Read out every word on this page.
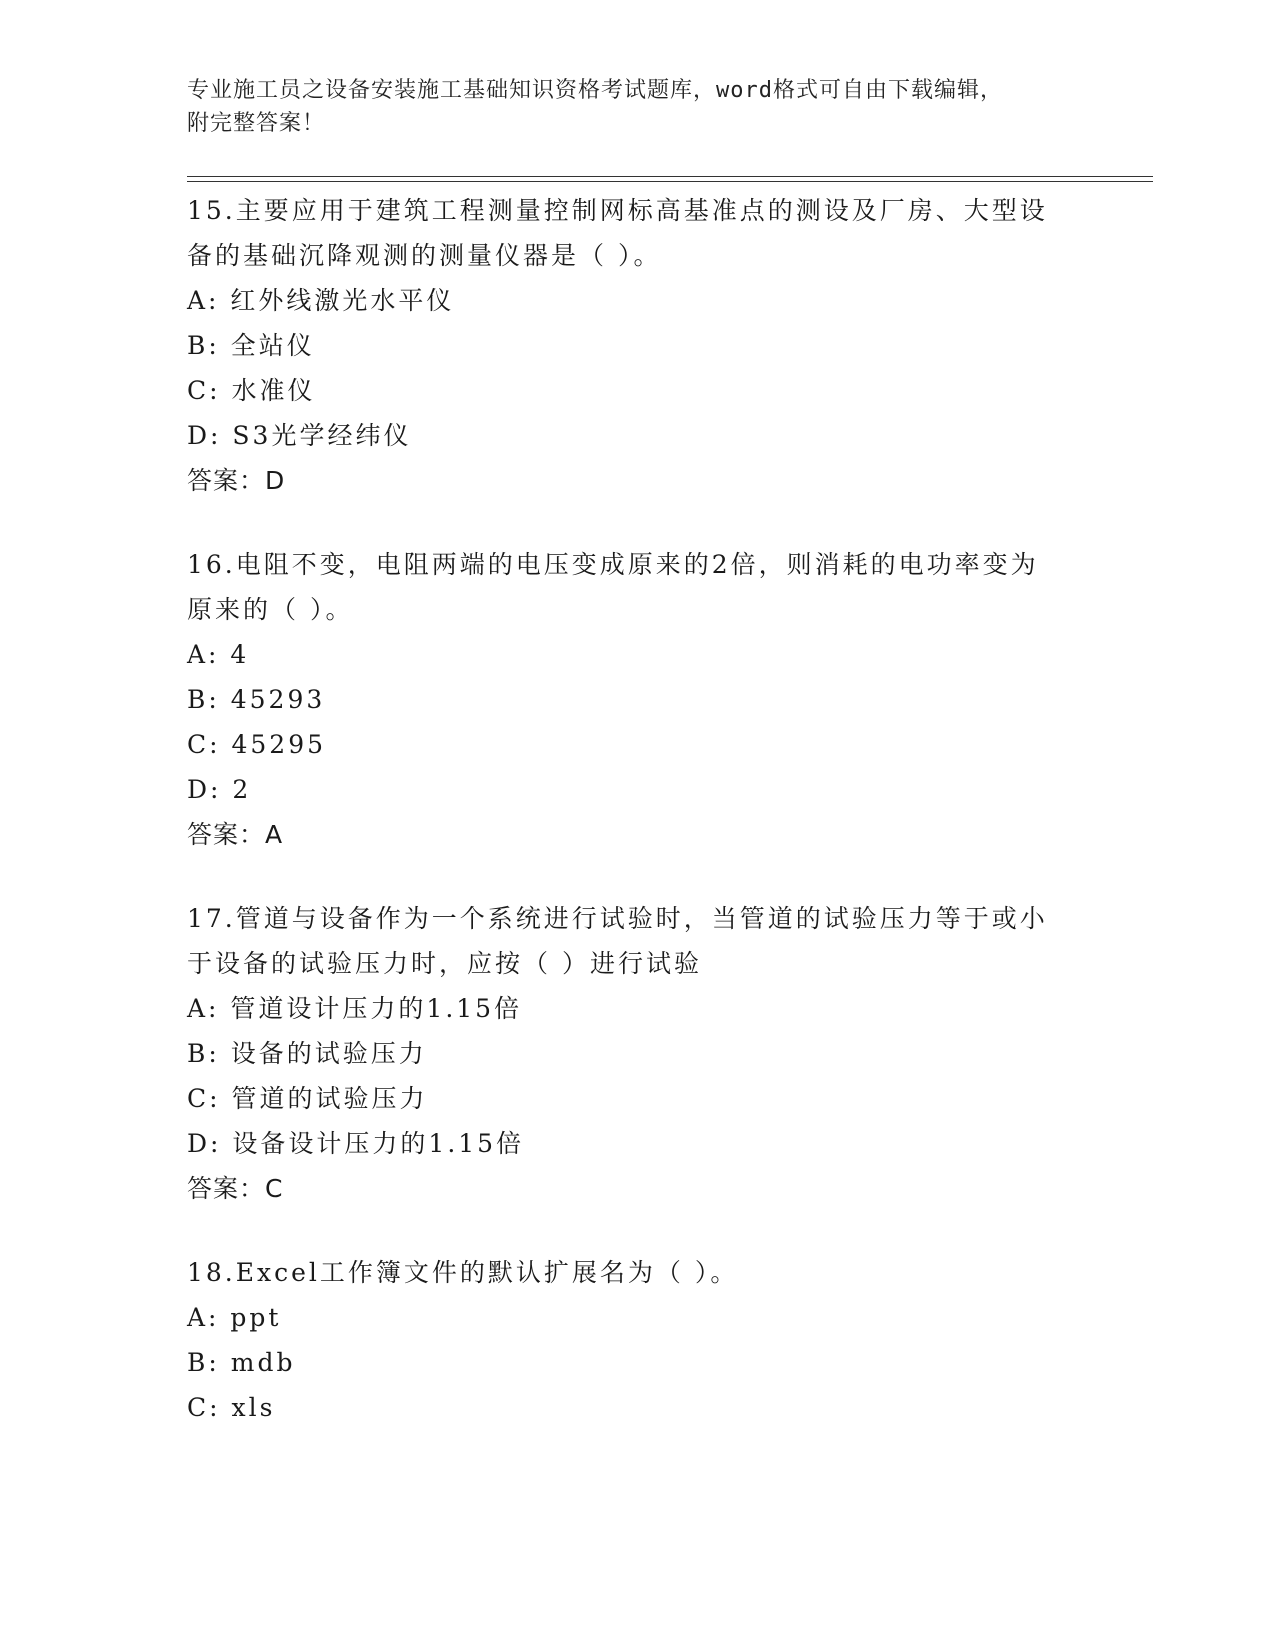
专业施工员之设备安装施工基础知识资格考试题库，word格式可自由下载编辑，
附完整答案！

15.主要应用于建筑工程测量控制网标高基准点的测设及厂房、大型设
备的基础沉降观测的测量仪器是（ ）。

A: 红外线激光水平仪
B: 全站仪
C: 水准仪
D: S3光学经纬仪
答案：D

16.电阻不变，电阻两端的电压变成原来的2倍，则消耗的电功率变为
原来的（ ）。

A: 4
B: 45293
C: 45295
D: 2
答案：A

17.管道与设备作为一个系统进行试验时，当管道的试验压力等于或小
于设备的试验压力时，应按（ ）进行试验

A: 管道设计压力的1.15倍
B: 设备的试验压力
C: 管道的试验压力
D: 设备设计压力的1.15倍
答案：C

18.Excel工作簿文件的默认扩展名为（ ）。

A: ppt
B: mdb
C: xls
